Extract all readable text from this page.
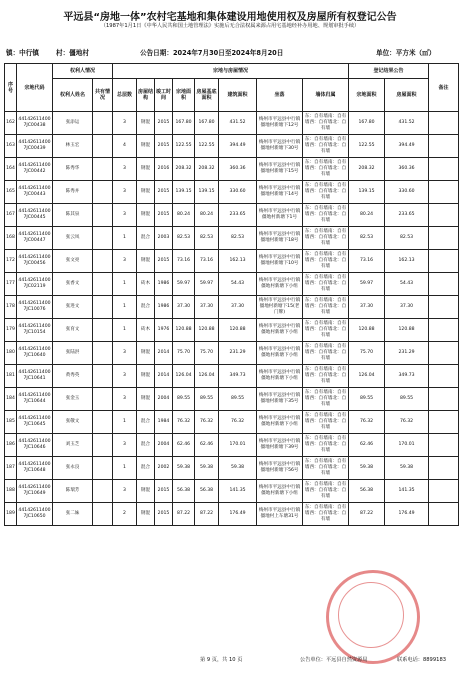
平远县“房地一体”农村宅基地和集体建设用地使用权及房屋所有权登记公告
（1987年1月1日《中华人民共和国土地管理法》实施后无合法权属来源占用宅基地经补办用地、规划审批手续）
镇：中行镇	村：僵地村	公告日期：2024年7月30日至2024年8月20日	单位：平方米（㎡）
序号	宗地代码	权利人情况		宗地与房屋情况								登记结果公告		备注
		权利人姓名	共有情况	总层数	房屋结构	竣工时间	宗地面积	房屋基底面积	建筑面积	坐落	墙体归属	宗地面积	房屋面积	
162	441426114007JC00438	张添运		3	钢混	2015	167.80	167.80	431.52	梅州市平远县中行镇僵地村新塘下12号	东：自有墙南：自有墙西：自有墙北：自有墙	167.80	431.52	
163	441426114007JC00439	林玉宏		4	钢混	2015	122.55	122.55	394.49	梅州市平远县中行镇僵地村新塘下30号	东：自有墙南：自有墙西：自有墙北：自有墙	122.55	394.49	
164	441426114007JC00442	陈秀华		3	钢混	2016	208.32	208.32	360.36	梅州市平远县中行镇僵地村新塘下15号	东：自有墙南：自有墙西：自有墙北：自有墙	208.32	360.36	
165	441426114007JC00443	陈秀并		3	钢混	2015	139.15	139.15	330.60	梅州市平远县中行镇僵地村新塘下14号	东：自有墙南：自有墙西：自有墙北：自有墙	139.15	330.60	
167	441426114007JC00445	陈其泉		3	钢混	2015	80.24	80.24	233.65	梅州市平远县中行镇僵地村新塘下1号	东：自有墙南：自有墙西：自有墙北：自有墙	80.24	233.65	
168	441426114007JC00447	张云凤		1	混合	2003	82.53	82.53	82.53	梅州市平远县中行镇僵地村新塘下18号	东：自有墙南：自有墙西：自有墙北：自有墙	82.53	82.53	
172	441426114007JC00456	张文亮		3	钢混	2015	73.16	73.16	162.13	梅州市平远县中行镇僵地村新塘下10号	东：自有墙南：自有墙西：自有墙北：自有墙	73.16	162.13	
177	441426114007JC02119	张香文		1	砖木	1986	59.97	59.97	54.43	梅州市平远县中行镇僵地村新塘下小组	东：自有墙南：自有墙西：自有墙北：自有墙	59.97	54.43	
178	441426114007JC10076	张进文		1	混合	1986	37.30	37.30	37.30	梅州市平远县中行镇僵地村新塘下15(老门牌)	东：自有墙南：自有墙西：自有墙北：自有墙	37.30	37.30	
179	441426114007JC10154	张育文		1	砖木	1976	120.88	120.88	120.88	梅州市平远县中行镇僵地村新塘下小组	东：自有墙南：自有墙西：自有墙北：自有墙	120.88	120.88	
180	441426114007JC10640	张陆洪		3	钢混	2014	75.70	75.70	231.29	梅州市平远县中行镇僵地村新塘下小组	东：自有墙南：自有墙西：自有墙北：自有墙	75.70	231.29	
181	441426114007JC10641	黄秀英		3	钢混	2014	126.04	126.04	349.73	梅州市平远县中行镇僵地村新塘下小组	东：自有墙南：自有墙西：自有墙北：自有墙	126.04	349.73	
184	441426114007JC10644	张金玉		3	钢混	2004	89.55	89.55	89.55	梅州市平远县中行镇僵地村新塘下35号	东：自有墙南：自有墙西：自有墙北：自有墙	89.55	89.55	
185	441426114007JC10645	张敬文		1	混合	1984	76.32	76.32	76.32	梅州市平远县中行镇僵地村新塘下小组	东：自有墙南：自有墙西：自有墙北：自有墙	76.32	76.32	
186	441426114007JC10646	刘玉芝		3	混合	2004	62.46	62.46	170.01	梅州市平远县中行镇僵地村新塘下39号	东：自有墙南：自有墙西：自有墙北：自有墙	62.46	170.01	
187	441426114007JC10648	张永良		1	混合	2002	59.38	59.38	59.38	梅州市平远县中行镇僵地村新塘下56号	东：自有墙南：自有墙西：自有墙北：自有墙	59.38	59.38	
188	441426114007JC10649	陈瑞芳		3	钢混	2015	56.38	56.38	141.35	梅州市平远县中行镇僵地村新塘下小组	东：自有墙南：自有墙西：自有墙北：自有墙	56.38	141.35	
189	441426114007JC10650	张二妹		2	钢混	2015	87.22	87.22	176.49	梅州市平远县中行镇僵地村上车塘31号	东：自有墙南：自有墙西：自有墙北：自有墙	87.22	176.49	
第 9 页，共 10 页	公告单位：平远县自然资源局	联系电话：8899183
